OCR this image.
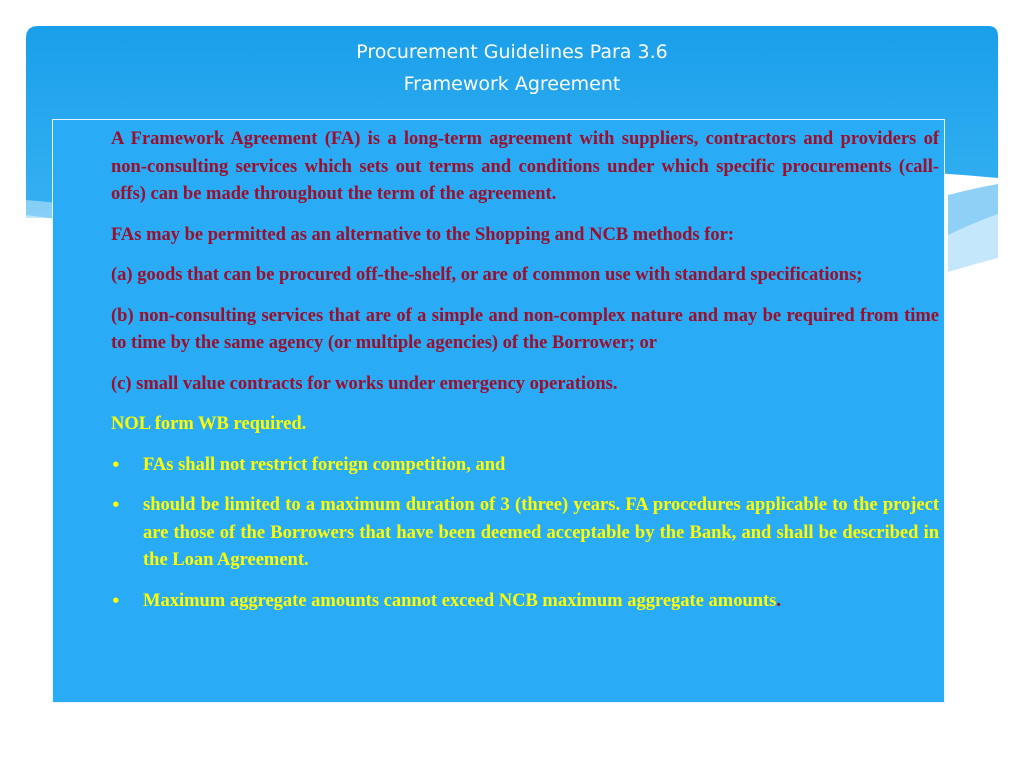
Procurement Guidelines Para 3.6
Framework Agreement

A Framework Agreement (FA) is a long-term agreement with suppliers, contractors and providers of non-consulting services which sets out terms and conditions under which specific procurements (call-offs) can be made throughout the term of the agreement.

FAs may be permitted as an alternative to the Shopping and NCB methods for:

(a) goods that can be procured off-the-shelf, or are of common use with standard specifications;

(b) non-consulting services that are of a simple and non-complex nature and may be required from time to time by the same agency (or multiple agencies) of the Borrower; or

(c) small value contracts for works under emergency operations.

NOL form WB required.

•	FAs shall not restrict foreign competition, and
•	should be limited to a maximum duration of 3 (three) years. FA procedures applicable to the project are those of the Borrowers that have been deemed acceptable by the Bank, and shall be described in the Loan Agreement.
•	Maximum aggregate amounts cannot exceed NCB maximum aggregate amounts.
